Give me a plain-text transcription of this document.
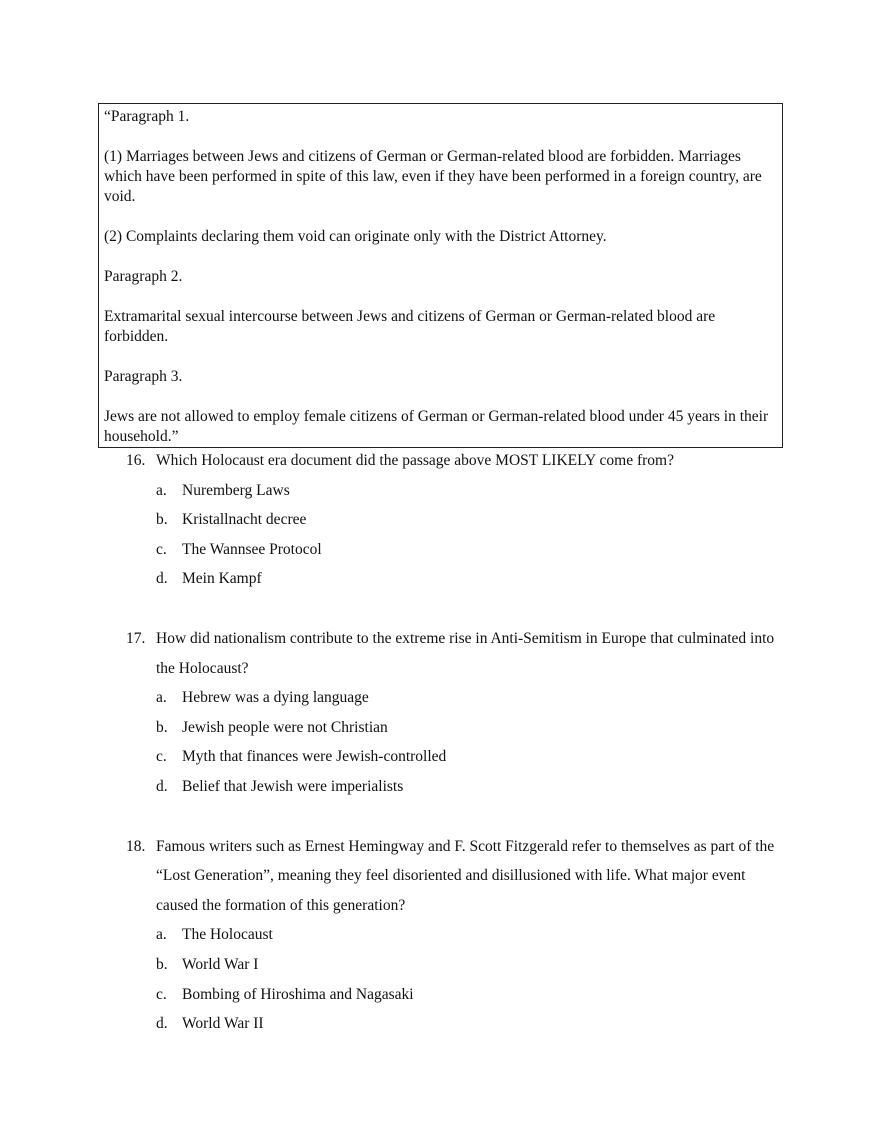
“Paragraph 1.

(1) Marriages between Jews and citizens of German or German-related blood are forbidden. Marriages which have been performed in spite of this law, even if they have been performed in a foreign country, are void.

(2) Complaints declaring them void can originate only with the District Attorney.

Paragraph 2.

Extramarital sexual intercourse between Jews and citizens of German or German-related blood are forbidden.

Paragraph 3.

Jews are not allowed to employ female citizens of German or German-related blood under 45 years in their household.”

16. Which Holocaust era document did the passage above MOST LIKELY come from?
a. Nuremberg Laws
b. Kristallnacht decree
c. The Wannsee Protocol
d. Mein Kampf
17. How did nationalism contribute to the extreme rise in Anti-Semitism in Europe that culminated into the Holocaust?
a. Hebrew was a dying language
b. Jewish people were not Christian
c. Myth that finances were Jewish-controlled
d. Belief that Jewish were imperialists
18. Famous writers such as Ernest Hemingway and F. Scott Fitzgerald refer to themselves as part of the “Lost Generation”, meaning they feel disoriented and disillusioned with life. What major event caused the formation of this generation?
a. The Holocaust
b. World War I
c. Bombing of Hiroshima and Nagasaki
d. World War II
